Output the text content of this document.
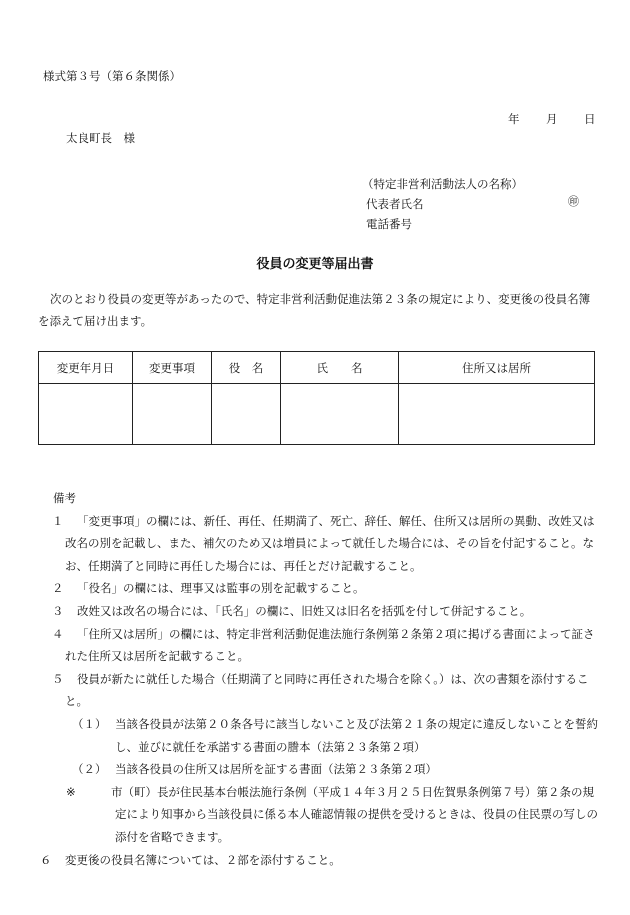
様式第３号（第６条関係）
年 月 日
太良町長　様
（特定非営利活動法人の名称）
代表者氏名
電話番号
㊞
役員の変更等届出書
次のとおり役員の変更等があったので、特定非営利活動促進法第２３条の規定により、変更後の役員名簿を添えて届け出ます。
変更年月日	変更事項	役　名	氏　　名	住所又は居所

備考
１	「変更事項」の欄には、新任、再任、任期満了、死亡、辞任、解任、住所又は居所の異動、改姓又は改名の別を記載し、また、補欠のため又は増員によって就任した場合には、その旨を付記すること。なお、任期満了と同時に再任した場合には、再任とだけ記載すること。
２	「役名」の欄には、理事又は監事の別を記載すること。
３	改姓又は改名の場合には、「氏名」の欄に、旧姓又は旧名を括弧を付して併記すること。
４	「住所又は居所」の欄には、特定非営利活動促進法施行条例第２条第２項に掲げる書面によって証された住所又は居所を記載すること。
５	役員が新たに就任した場合（任期満了と同時に再任された場合を除く。）は、次の書類を添付すること。
（１） 当該各役員が法第２０条各号に該当しないこと及び法第２１条の規定に違反しないことを誓約し、並びに就任を承諾する書面の謄本（法第２３条第２項）
（２） 当該各役員の住所又は居所を証する書面（法第２３条第２項）
※	市（町）長が住民基本台帳法施行条例（平成１４年３月２５日佐賀県条例第７号）第２条の規定により知事から当該役員に係る本人確認情報の提供を受けるときは、役員の住民票の写しの添付を省略できます。
６ 変更後の役員名簿については、２部を添付すること。
